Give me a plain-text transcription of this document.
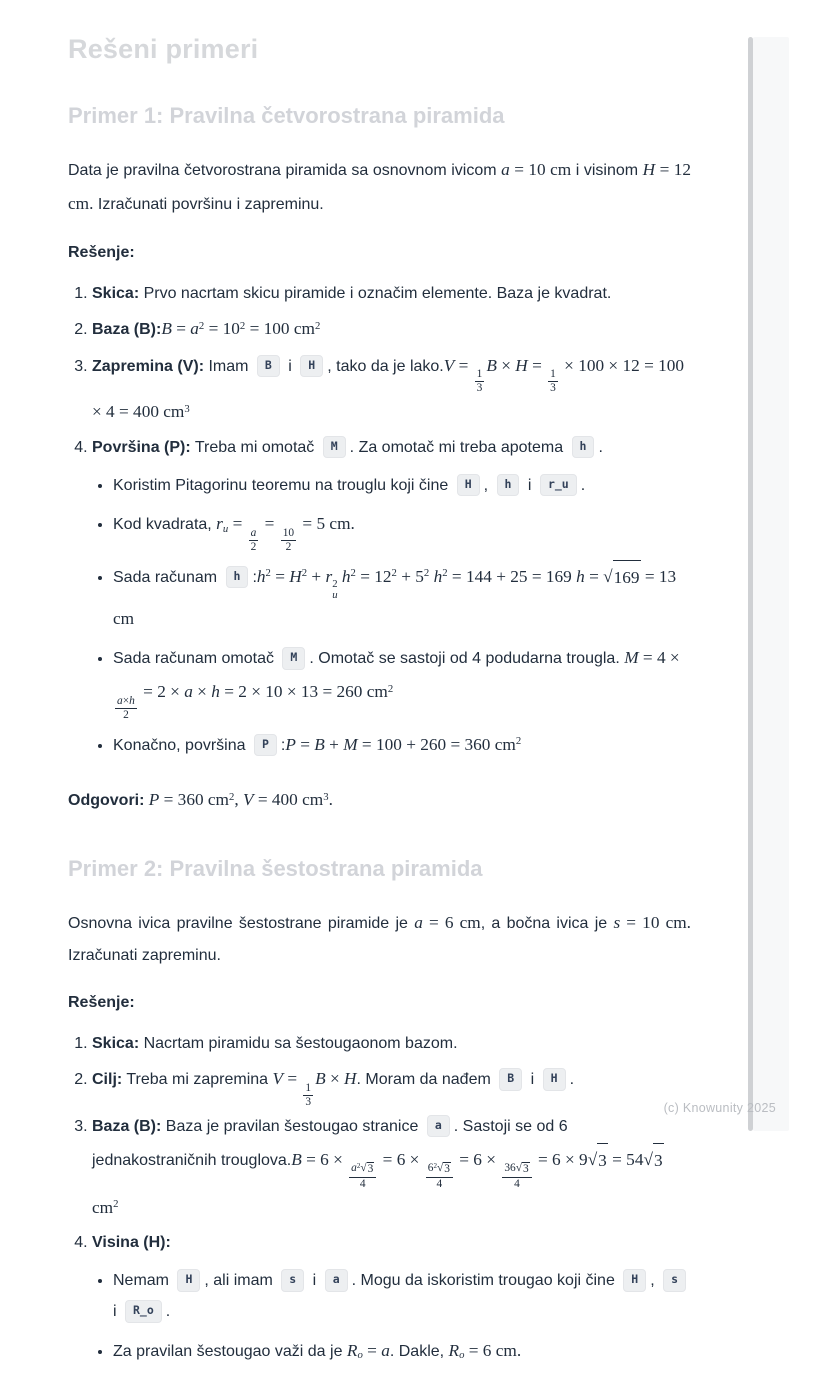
Rešeni primeri
Primer 1: Pravilna četvorostrana piramida

Data je pravilna četvorostrana piramida sa osnovnom ivicom a = 10 cm i visinom H = 12 cm. Izračunati površinu i zapreminu.

Rešenje:

1. Skica: Prvo nacrtam skicu piramide i označim elemente. Baza je kvadrat.
2. Baza (B):B = $a^2 = 10^2 = 100$ $cm^2$
3. Zapremina (V): Imam B i H , tako da je lako.V =
$\frac{1}{3}$
B × H =
$\frac{1}{3}$
× 100 × 12 = 100 × 4 = 400 $cm^3$
4. Površina (P): Treba mi omotač M . Za omotač mi treba apotema h .
• Koristim Pitagorinu teoremu na trouglu koji čine H , h i r_u .
• Kod kvadrata, $r_u$ =
$\frac{a}{2}$
=
$\frac{10}{2}$
= 5 cm.
• Sada računam h $:h^2 = H^2 + r$ 2
u
$h^2 = 12^2 + 5^2$ $h^2 = 144 + 25 = 169$ h = √ 169 = 13 cm
• Sada računam omotač M . Omotač se sastoji od 4 podudarna trougla. M = 4 ×
$\frac{a\times h}{2}$
= 2 × a × h = 2 × 10 × 13 = 260 $cm^2$
• Konačno, površina P :P = B + M = 100 + 260 = 360 $cm^2$

Odgovori: P = 360 $cm^2$, V = 400 $cm^3$.

Primer 2: Pravilna šestostrana piramida

Osnovna ivica pravilne šestostrane piramide je a = 6 cm, a bočna ivica je s = 10 cm. Izračunati zapreminu.

Rešenje:

1. Skica: Nacrtam piramidu sa šestougaonom bazom.
2. Cilj: Treba mi zapremina V =
$\frac{1}{3}$
B × H. Moram da nađem B i H .
3. Baza (B): Baza je pravilan šestougao stranice a . Sastoji se od 6 jednakostraničnih trouglova.B = 6 ×
$\frac{a^2 √ 3}{4}$
= 6 ×
$\frac{6^2 √ 3}{4}$
= 6 ×
$\frac{36 √ 3}{4}$
= 6 × 9 √ 3 = 54 √ 3
$cm^2$
4. Visina (H):
• Nemam H , ali imam s i a . Mogu da iskoristim trougao koji čine H , s i R_o .
• Za pravilan šestougao važi da je $R_o = a$. Dakle, $R_o = 6$ cm.
(c) Knowunity 2025
